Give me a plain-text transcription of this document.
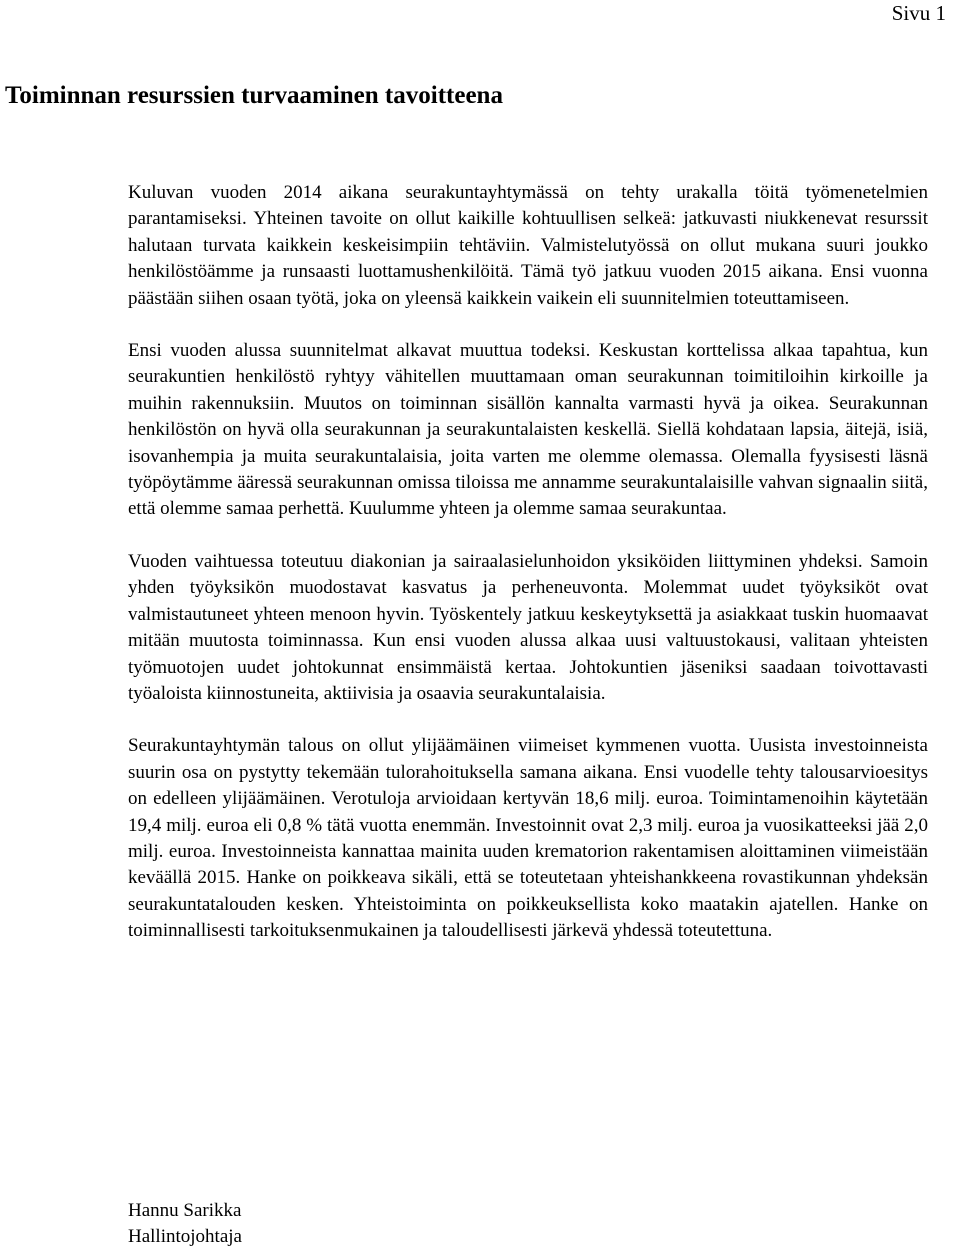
Sivu 1
Toiminnan resurssien turvaaminen tavoitteena

Kuluvan vuoden 2014 aikana seurakuntayhtymässä on tehty urakalla töitä työmenetelmien parantamiseksi. Yhteinen tavoite on ollut kaikille kohtuullisen selkeä: jatkuvasti niukkenevat resurssit halutaan turvata kaikkein keskeisimpiin tehtäviin. Valmistelutyössä on ollut mukana suuri joukko henkilöstöämme ja runsaasti luottamushenkilöitä. Tämä työ jatkuu vuoden 2015 aikana. Ensi vuonna päästään siihen osaan työtä, joka on yleensä kaikkein vaikein eli suunnitelmien toteuttamiseen.

Ensi vuoden alussa suunnitelmat alkavat muuttua todeksi. Keskustan korttelissa alkaa tapahtua, kun seurakuntien henkilöstö ryhtyy vähitellen muuttamaan oman seurakunnan toimitiloihin kirkoille ja muihin rakennuksiin. Muutos on toiminnan sisällön kannalta varmasti hyvä ja oikea. Seurakunnan henkilöstön on hyvä olla seurakunnan ja seurakuntalaisten keskellä. Siellä kohdataan lapsia, äitejä, isiä, isovanhempia ja muita seurakuntalaisia, joita varten me olemme olemassa. Olemalla fyysisesti läsnä työpöytämme ääressä seurakunnan omissa tiloissa me annamme seurakuntalaisille vahvan signaalin siitä, että olemme samaa perhettä. Kuulumme yhteen ja olemme samaa seurakuntaa.

Vuoden vaihtuessa toteutuu diakonian ja sairaalasielunhoidon yksiköiden liittyminen yhdeksi. Samoin yhden työyksikön muodostavat kasvatus ja perheneuvonta. Molemmat uudet työyksiköt ovat valmistautuneet yhteen menoon hyvin. Työskentely jatkuu keskeytyksettä ja asiakkaat tuskin huomaavat mitään muutosta toiminnassa. Kun ensi vuoden alussa alkaa uusi valtuustokausi, valitaan yhteisten työmuotojen uudet johtokunnat ensimmäistä kertaa. Johtokuntien jäseniksi saadaan toivottavasti työaloista kiinnostuneita, aktiivisia ja osaavia seurakuntalaisia.

Seurakuntayhtymän talous on ollut ylijäämäinen viimeiset kymmenen vuotta. Uusista investoinneista suurin osa on pystytty tekemään tulorahoituksella samana aikana. Ensi vuodelle tehty talousarvioesitys on edelleen ylijäämäinen. Verotuloja arvioidaan kertyvän 18,6 milj. euroa. Toimintamenoihin käytetään 19,4 milj. euroa eli 0,8 % tätä vuotta enemmän. Investoinnit ovat 2,3 milj. euroa ja vuosikatteeksi jää 2,0 milj. euroa. Investoinneista kannattaa mainita uuden krematorion rakentamisen aloittaminen viimeistään keväällä 2015. Hanke on poikkeava sikäli, että se toteutetaan yhteishankkeena rovastikunnan yhdeksän seurakuntatalouden kesken. Yhteistoiminta on poikkeuksellista koko maatakin ajatellen. Hanke on toiminnallisesti tarkoituksenmukainen ja taloudellisesti järkevä yhdessä toteutettuna.

Hannu Sarikka
Hallintojohtaja
